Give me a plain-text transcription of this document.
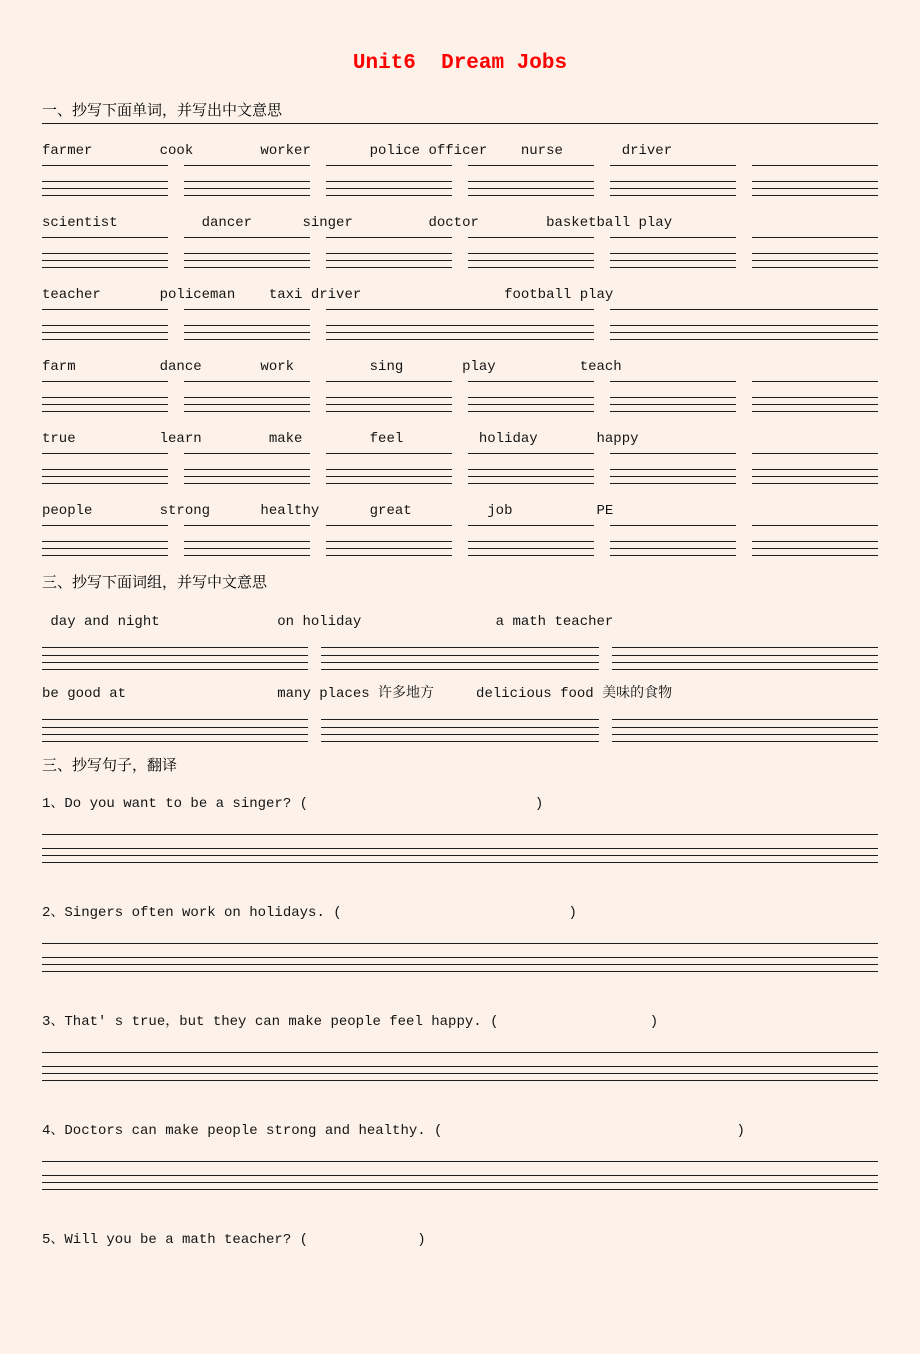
Unit6  Dream Jobs
一、抄写下面单词，并写出中文意思
farmer        cook        worker       police officer    nurse       driver
scientist          dancer      singer         doctor        basketball play
teacher       policeman    taxi driver                 football play
farm          dance       work         sing       play          teach
true          learn        make        feel         holiday       happy
people        strong      healthy      great         job          PE
三、抄写下面词组，并写中文意思
day and night              on holiday                a math teacher
be good at                  many places 许多地方     delicious food 美味的食物
三、抄写句子，翻译
1、Do you want to be a singer? (                           )
2、Singers often work on holidays. (                           )
3、That' s true，but they can make people feel happy. (                  )
4、Doctors can make people strong and healthy. (                                   )
5、Will you be a math teacher? (             )
